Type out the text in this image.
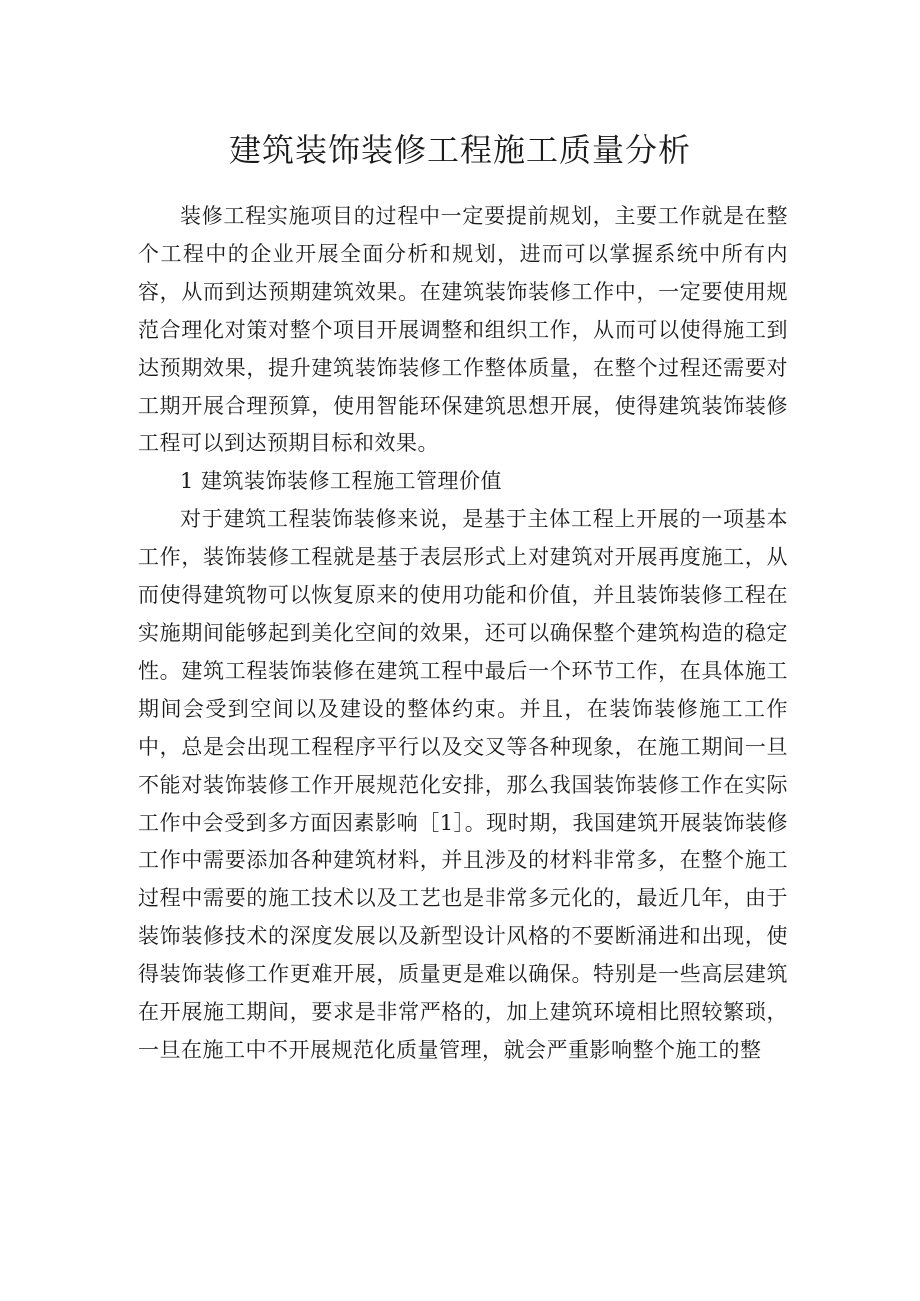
建筑装饰装修工程施工质量分析

装修工程实施项目的过程中一定要提前规划，主要工作就是在整个工程中的企业开展全面分析和规划，进而可以掌握系统中所有内容，从而到达预期建筑效果。在建筑装饰装修工作中，一定要使用规范合理化对策对整个项目开展调整和组织工作，从而可以使得施工到达预期效果，提升建筑装饰装修工作整体质量，在整个过程还需要对工期开展合理预算，使用智能环保建筑思想开展，使得建筑装饰装修工程可以到达预期目标和效果。

1 建筑装饰装修工程施工管理价值

对于建筑工程装饰装修来说，是基于主体工程上开展的一项基本工作，装饰装修工程就是基于表层形式上对建筑对开展再度施工，从而使得建筑物可以恢复原来的使用功能和价值，并且装饰装修工程在实施期间能够起到美化空间的效果，还可以确保整个建筑构造的稳定性。建筑工程装饰装修在建筑工程中最后一个环节工作，在具体施工期间会受到空间以及建设的整体约束。并且，在装饰装修施工工作中，总是会出现工程程序平行以及交叉等各种现象，在施工期间一旦不能对装饰装修工作开展规范化安排，那么我国装饰装修工作在实际工作中会受到多方面因素影响［1］。现时期，我国建筑开展装饰装修工作中需要添加各种建筑材料，并且涉及的材料非常多，在整个施工过程中需要的施工技术以及工艺也是非常多元化的，最近几年，由于装饰装修技术的深度发展以及新型设计风格的不要断涌进和出现，使得装饰装修工作更难开展，质量更是难以确保。特别是一些高层建筑在开展施工期间，要求是非常严格的，加上建筑环境相比照较繁琐，一旦在施工中不开展规范化质量管理，就会严重影响整个施工的整
